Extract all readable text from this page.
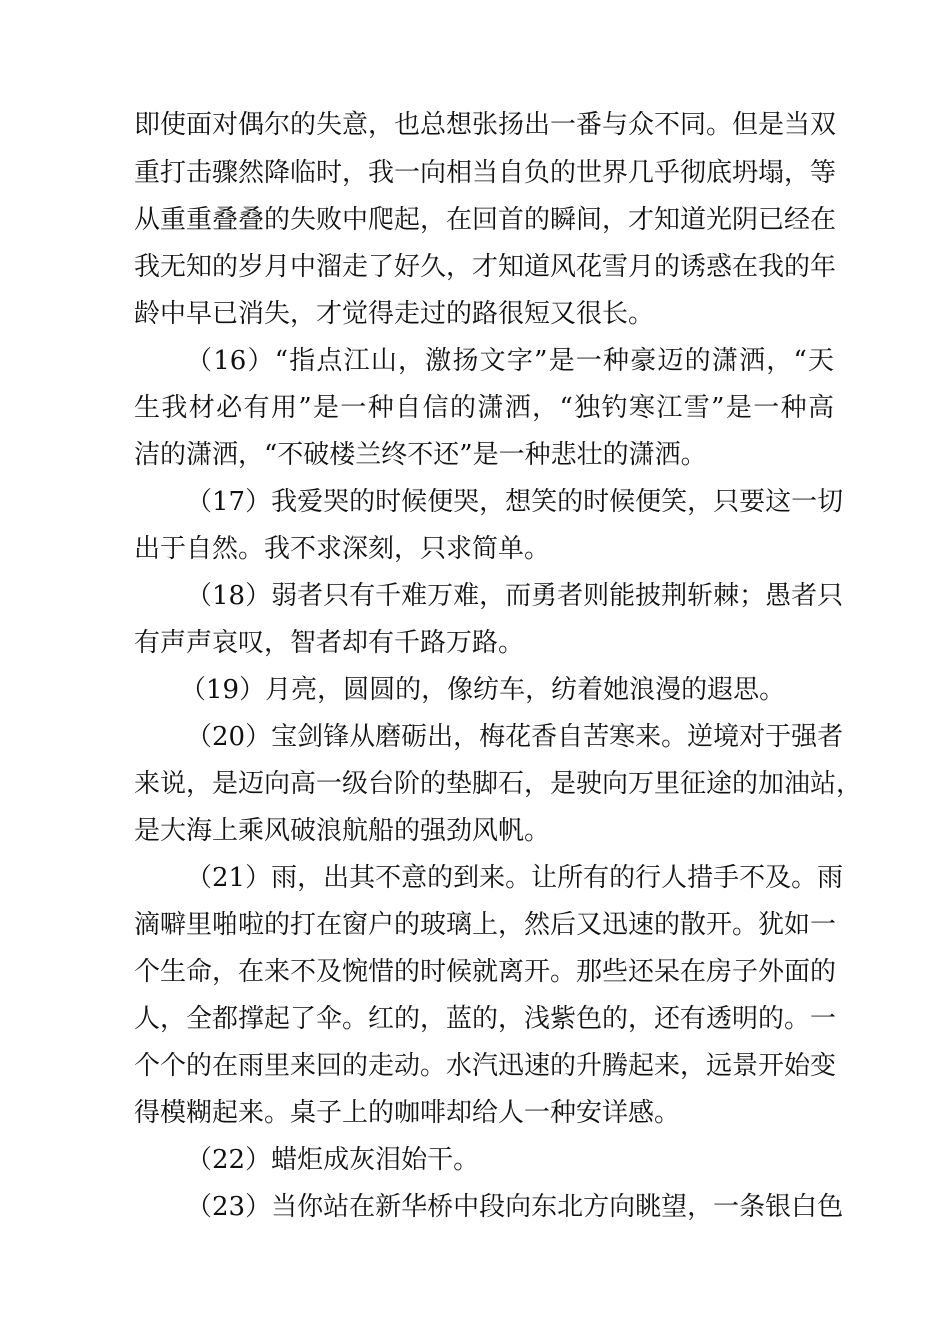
即使面对偶尔的失意，也总想张扬出一番与众不同。但是当双
重打击骤然降临时，我一向相当自负的世界几乎彻底坍塌，等
从重重叠叠的失败中爬起，在回首的瞬间，才知道光阴已经在
我无知的岁月中溜走了好久，才知道风花雪月的诱惑在我的年
龄中早已消失，才觉得走过的路很短又很长。
（16）“指点江山，激扬文字”是一种豪迈的潇洒，“天
生我材必有用”是一种自信的潇洒，“独钓寒江雪”是一种高
洁的潇洒，“不破楼兰终不还”是一种悲壮的潇洒。
（17）我爱哭的时候便哭，想笑的时候便笑，只要这一切
出于自然。我不求深刻，只求简单。
（18）弱者只有千难万难，而勇者则能披荆斩棘；愚者只
有声声哀叹，智者却有千路万路。
（19）月亮，圆圆的，像纺车，纺着她浪漫的遐思。
（20）宝剑锋从磨砺出，梅花香自苦寒来。逆境对于强者
来说，是迈向高一级台阶的垫脚石，是驶向万里征途的加油站，
是大海上乘风破浪航船的强劲风帆。
（21）雨，出其不意的到来。让所有的行人措手不及。雨
滴噼里啪啦的打在窗户的玻璃上，然后又迅速的散开。犹如一
个生命，在来不及惋惜的时候就离开。那些还呆在房子外面的
人，全都撑起了伞。红的，蓝的，浅紫色的，还有透明的。一
个个的在雨里来回的走动。水汽迅速的升腾起来，远景开始变
得模糊起来。桌子上的咖啡却给人一种安详感。
（22）蜡炬成灰泪始干。
（23）当你站在新华桥中段向东北方向眺望，一条银白色
